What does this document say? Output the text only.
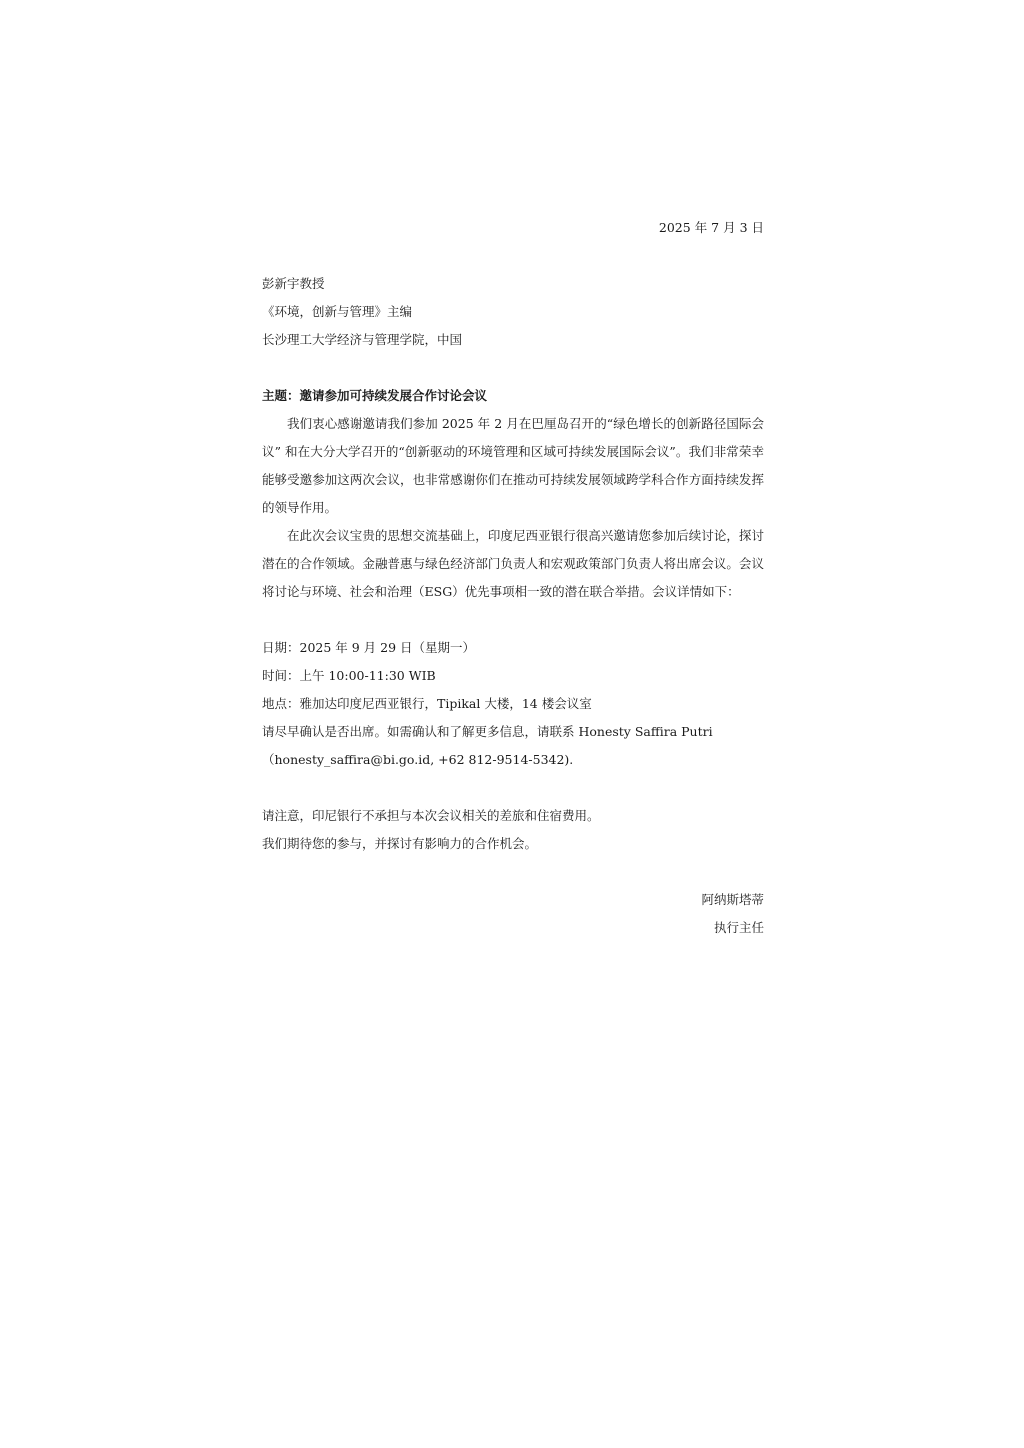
2025 年 7 月 3 日
彭新宇教授
《环境，创新与管理》主编
长沙理工大学经济与管理学院，中国
主题：邀请参加可持续发展合作讨论会议
我们衷心感谢邀请我们参加 2025 年 2 月在巴厘岛召开的“绿色增长的创新路径国际会议” 和在大分大学召开的“创新驱动的环境管理和区域可持续发展国际会议”。我们非常荣幸能够受邀参加这两次会议，也非常感谢你们在推动可持续发展领域跨学科合作方面持续发挥的领导作用。
在此次会议宝贵的思想交流基础上，印度尼西亚银行很高兴邀请您参加后续讨论，探讨潜在的合作领域。金融普惠与绿色经济部门负责人和宏观政策部门负责人将出席会议。会议将讨论与环境、社会和治理（ESG）优先事项相一致的潜在联合举措。会议详情如下：
日期：2025 年 9 月 29 日（星期一）
时间：上午 10:00-11:30 WIB
地点：雅加达印度尼西亚银行，Tipikal 大楼，14 楼会议室
请尽早确认是否出席。如需确认和了解更多信息，请联系 Honesty Saffira Putri
（honesty_saffira@bi.go.id, +62 812-9514-5342).
请注意，印尼银行不承担与本次会议相关的差旅和住宿费用。
我们期待您的参与，并探讨有影响力的合作机会。
阿纳斯塔蒂
执行主任
